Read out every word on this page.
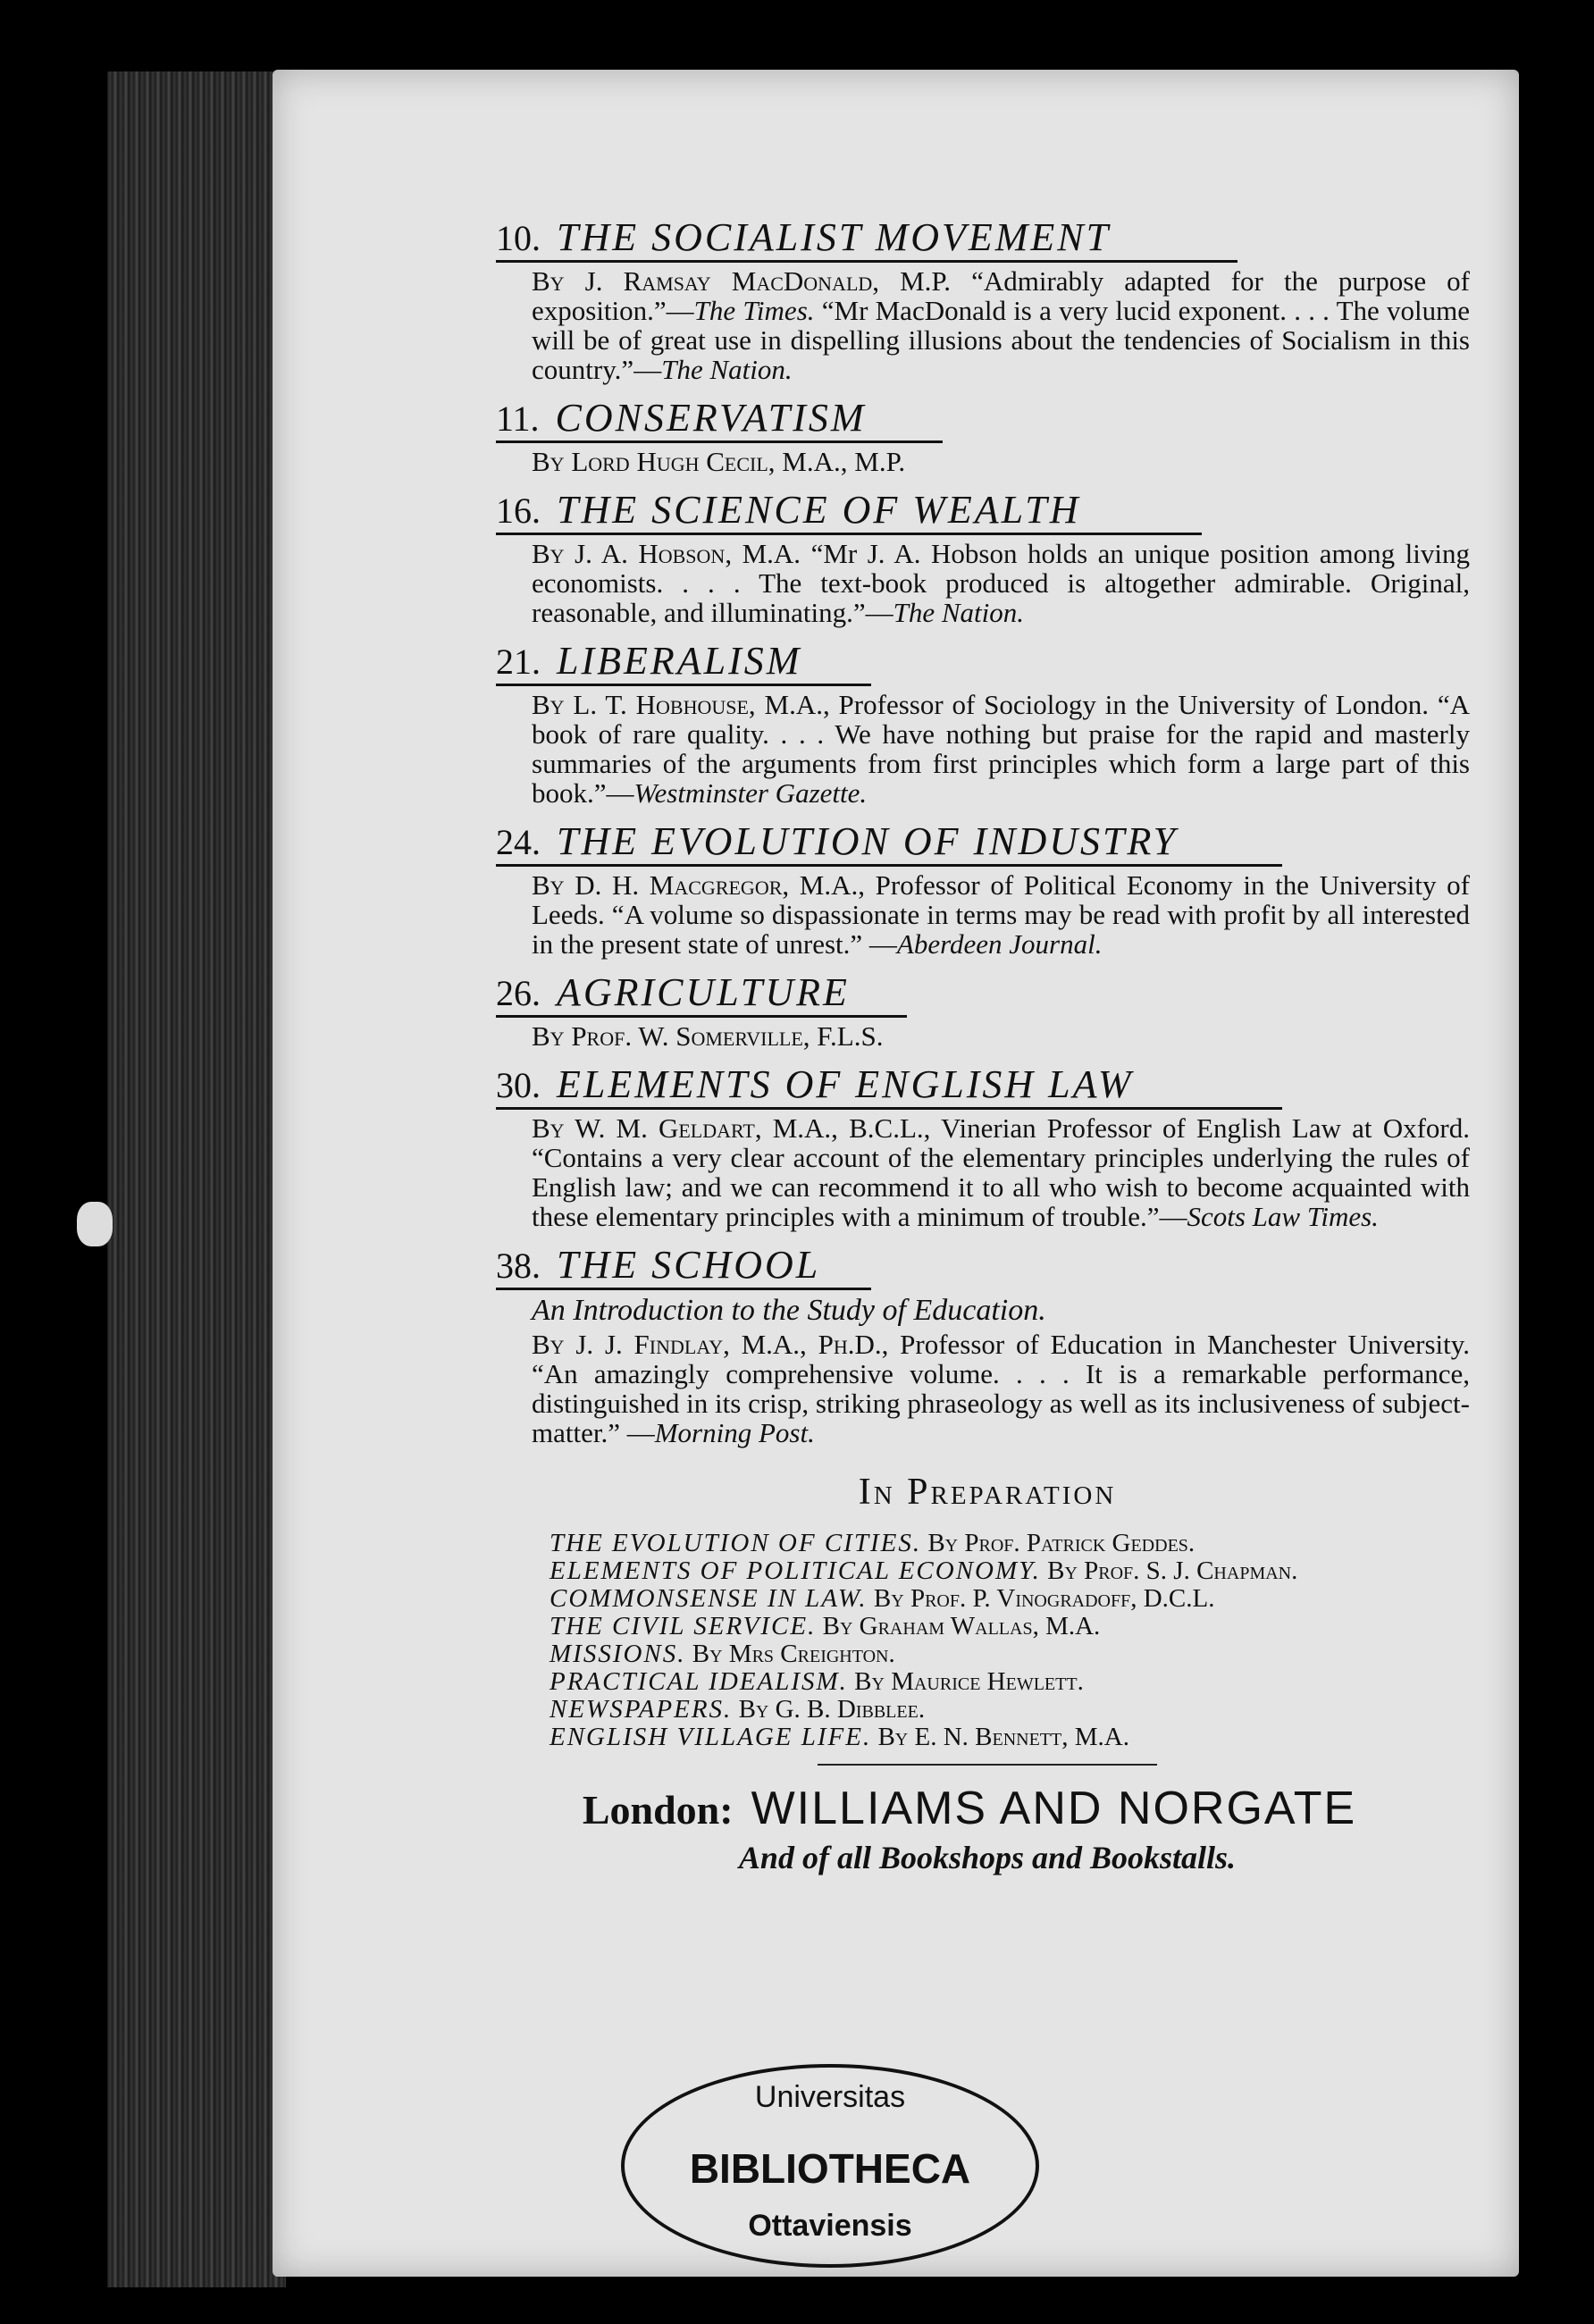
10. THE SOCIALIST MOVEMENT
By J. Ramsay MacDonald, M.P. “Admirably adapted for the purpose of exposition.”—The Times. “Mr MacDonald is a very lucid exponent. . . . The volume will be of great use in dispelling illusions about the tendencies of Socialism in this country.”—The Nation.
11. CONSERVATISM
By Lord Hugh Cecil, M.A., M.P.
16. THE SCIENCE OF WEALTH
By J. A. Hobson, M.A. “Mr J. A. Hobson holds an unique position among living economists. . . . The text-book produced is altogether admirable. Original, reasonable, and illuminating.”—The Nation.
21. LIBERALISM
By L. T. Hobhouse, M.A., Professor of Sociology in the University of London. “A book of rare quality. . . . We have nothing but praise for the rapid and masterly summaries of the arguments from first principles which form a large part of this book.”—Westminster Gazette.
24. THE EVOLUTION OF INDUSTRY
By D. H. Macgregor, M.A., Professor of Political Economy in the University of Leeds. “A volume so dispassionate in terms may be read with profit by all interested in the present state of unrest.” —Aberdeen Journal.
26. AGRICULTURE
By Prof. W. Somerville, F.L.S.
30. ELEMENTS OF ENGLISH LAW
By W. M. Geldart, M.A., B.C.L., Vinerian Professor of English Law at Oxford. “Contains a very clear account of the elementary principles underlying the rules of English law; and we can recommend it to all who wish to become acquainted with these elementary principles with a minimum of trouble.”—Scots Law Times.
38. THE SCHOOL
An Introduction to the Study of Education.
By J. J. Findlay, M.A., Ph.D., Professor of Education in Manchester University. “An amazingly comprehensive volume. . . . It is a remarkable performance, distinguished in its crisp, striking phraseology as well as its inclusiveness of subject-matter.” —Morning Post.
In Preparation
THE EVOLUTION OF CITIES. By Prof. Patrick Geddes.
ELEMENTS OF POLITICAL ECONOMY. By Prof. S. J. Chapman.
COMMONSENSE IN LAW. By Prof. P. Vinogradoff, D.C.L.
THE CIVIL SERVICE. By Graham Wallas, M.A.
MISSIONS. By Mrs Creighton.
PRACTICAL IDEALISM. By Maurice Hewlett.
NEWSPAPERS. By G. B. Dibblee.
ENGLISH VILLAGE LIFE. By E. N. Bennett, M.A.
London: WILLIAMS AND NORGATE
And of all Bookshops and Bookstalls.
Universitas
BIBLIOTHECA
Ottaviensis
